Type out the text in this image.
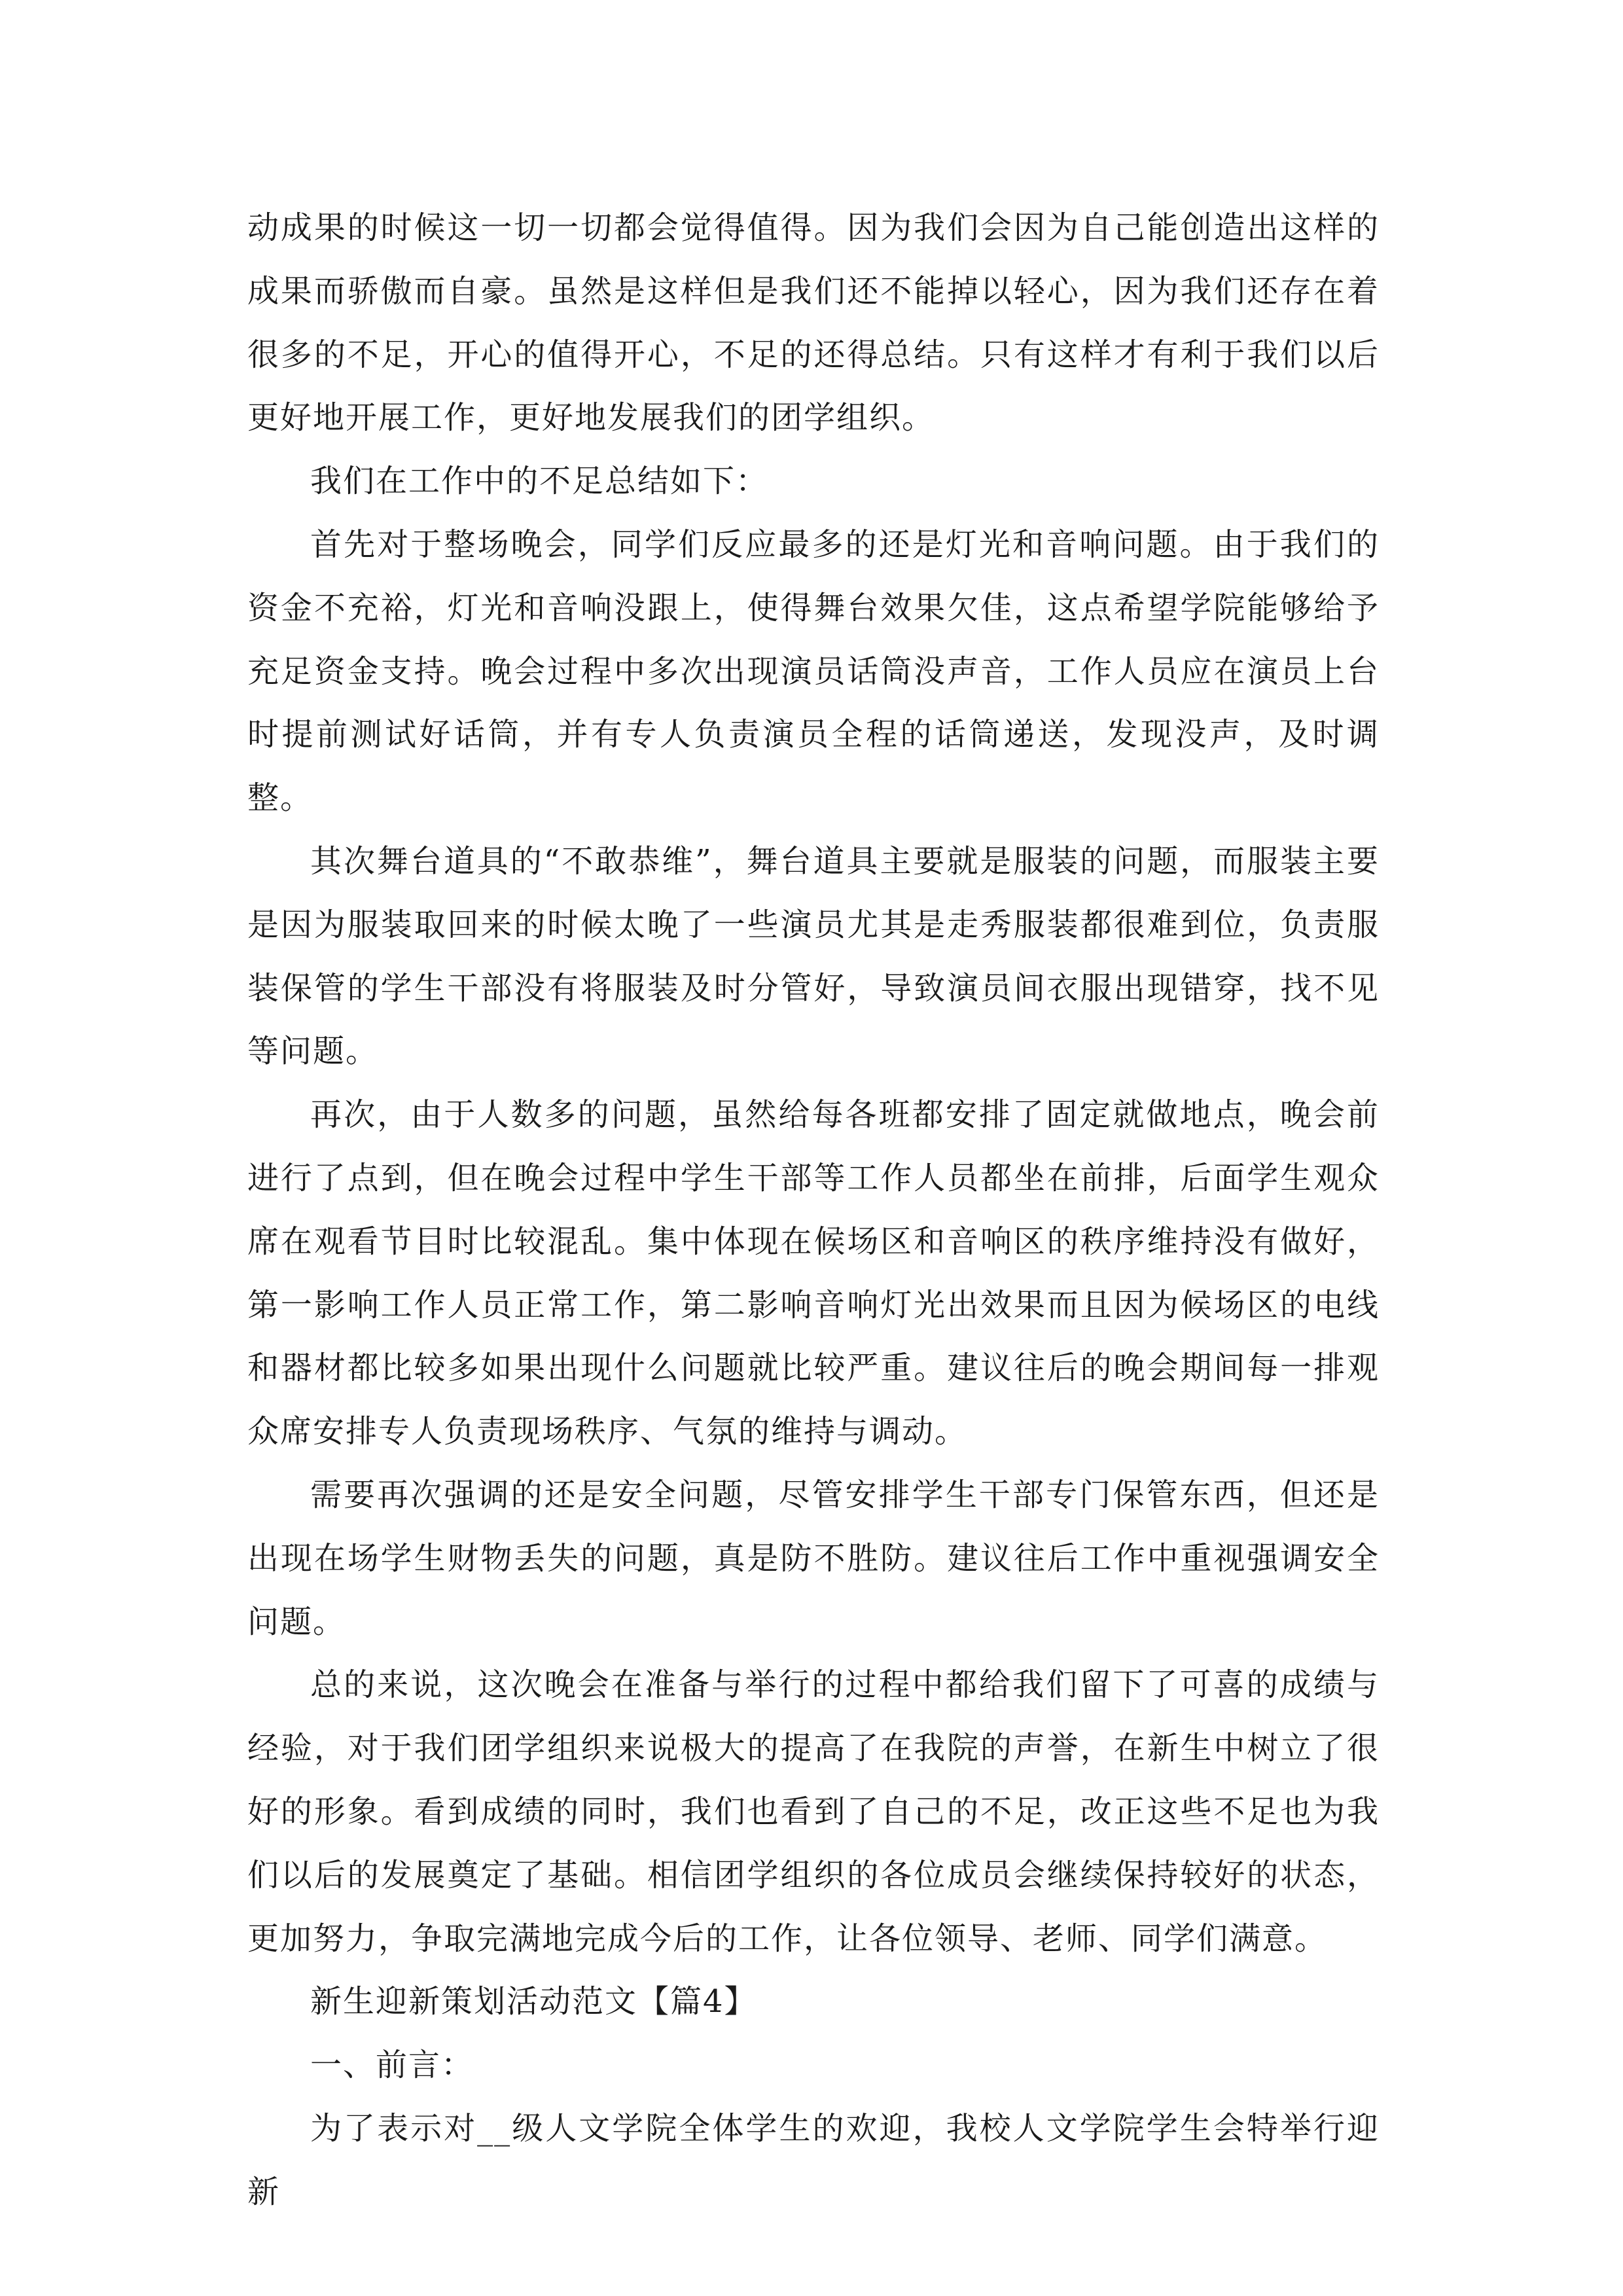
动成果的时候这一切一切都会觉得值得。因为我们会因为自己能创造出这样的成果而骄傲而自豪。虽然是这样但是我们还不能掉以轻心，因为我们还存在着很多的不足，开心的值得开心，不足的还得总结。只有这样才有利于我们以后更好地开展工作，更好地发展我们的团学组织。

我们在工作中的不足总结如下：

首先对于整场晚会，同学们反应最多的还是灯光和音响问题。由于我们的资金不充裕，灯光和音响没跟上，使得舞台效果欠佳，这点希望学院能够给予充足资金支持。晚会过程中多次出现演员话筒没声音，工作人员应在演员上台时提前测试好话筒，并有专人负责演员全程的话筒递送，发现没声，及时调整。

其次舞台道具的“不敢恭维”，舞台道具主要就是服装的问题，而服装主要是因为服装取回来的时候太晚了一些演员尤其是走秀服装都很难到位，负责服装保管的学生干部没有将服装及时分管好，导致演员间衣服出现错穿，找不见等问题。

再次，由于人数多的问题，虽然给每各班都安排了固定就做地点，晚会前进行了点到，但在晚会过程中学生干部等工作人员都坐在前排，后面学生观众席在观看节目时比较混乱。集中体现在候场区和音响区的秩序维持没有做好，第一影响工作人员正常工作，第二影响音响灯光出效果而且因为候场区的电线和器材都比较多如果出现什么问题就比较严重。建议往后的晚会期间每一排观众席安排专人负责现场秩序、气氛的维持与调动。

需要再次强调的还是安全问题，尽管安排学生干部专门保管东西，但还是出现在场学生财物丢失的问题，真是防不胜防。建议往后工作中重视强调安全问题。

总的来说，这次晚会在准备与举行的过程中都给我们留下了可喜的成绩与经验，对于我们团学组织来说极大的提高了在我院的声誉，在新生中树立了很好的形象。看到成绩的同时，我们也看到了自己的不足，改正这些不足也为我们以后的发展奠定了基础。相信团学组织的各位成员会继续保持较好的状态，更加努力，争取完满地完成今后的工作，让各位领导、老师、同学们满意。

新生迎新策划活动范文【篇4】

一、前言：

为了表示对__级人文学院全体学生的欢迎，我校人文学院学生会特举行迎新
